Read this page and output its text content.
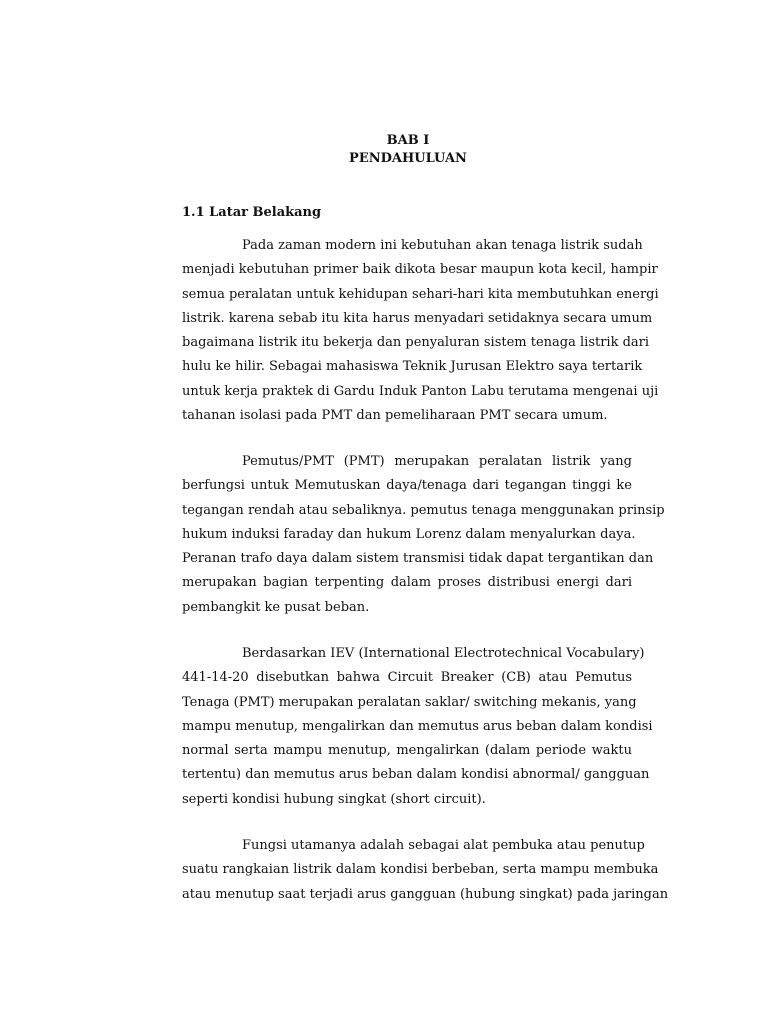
BAB I
PENDAHULUAN
1.1 Latar Belakang
Pada zaman modern ini kebutuhan akan tenaga listrik sudah
menjadi kebutuhan primer baik dikota besar maupun kota kecil, hampir
semua peralatan untuk kehidupan sehari-hari kita membutuhkan energi
listrik. karena sebab itu kita harus menyadari setidaknya secara umum
bagaimana listrik itu bekerja dan penyaluran sistem tenaga listrik dari
hulu ke hilir. Sebagai mahasiswa Teknik Jurusan Elektro saya tertarik
untuk kerja praktek di Gardu Induk Panton Labu terutama mengenai uji
tahanan isolasi pada PMT dan pemeliharaan PMT secara umum.
Pemutus/PMT (PMT) merupakan peralatan listrik yang
berfungsi untuk Memutuskan daya/tenaga dari tegangan tinggi ke
tegangan rendah atau sebaliknya. pemutus tenaga menggunakan prinsip
hukum induksi faraday dan hukum Lorenz dalam menyalurkan daya.
Peranan trafo daya dalam sistem transmisi tidak dapat tergantikan dan
merupakan bagian terpenting dalam proses distribusi energi dari
pembangkit ke pusat beban.
Berdasarkan IEV (International Electrotechnical Vocabulary)
441-14-20 disebutkan bahwa Circuit Breaker (CB) atau Pemutus
Tenaga (PMT) merupakan peralatan saklar/ switching mekanis, yang
mampu menutup, mengalirkan dan memutus arus beban dalam kondisi
normal serta mampu menutup, mengalirkan (dalam periode waktu
tertentu) dan memutus arus beban dalam kondisi abnormal/ gangguan
seperti kondisi hubung singkat (short circuit).
Fungsi utamanya adalah sebagai alat pembuka atau penutup
suatu rangkaian listrik dalam kondisi berbeban, serta mampu membuka
atau menutup saat terjadi arus gangguan (hubung singkat) pada jaringan
